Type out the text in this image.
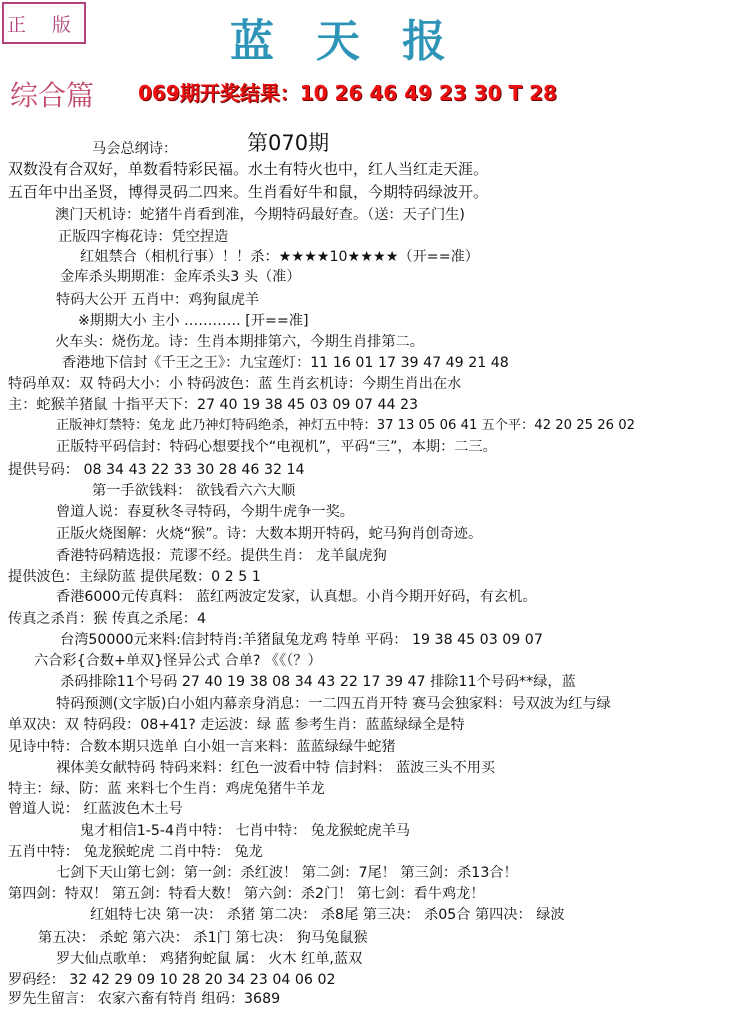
正 版	蓝天报
综合篇 069期开奖结果：10 26 46 49 23 30 T 28
第070期
马会总纲诗：
双数没有合双好，单数看特彩民福。水土有特火也中，红人当红走天涯。
五百年中出圣贤，博得灵码二四来。生肖看好牛和鼠，今期特码绿波开。
澳门天机诗：蛇猪牛肖看到准，今期特码最好查。（送：天子门生)
正版四字梅花诗：凭空捏造
红姐禁合（相机行事）！！杀：★★★★10★★★★（开==准）
金库杀头期期准：金库杀头3 头（准）
特码大公开 五肖中：鸡狗鼠虎羊
※期期大小 主小 ………… [开==准]
火车头：烧伤龙。诗：生肖本期排第六，今期生肖排第二。
香港地下信封《千王之王》：九宝莲灯：11 16 01 17 39 47 49 21 48
特码单双：双 特码大小：小 特码波色：蓝 生肖玄机诗：今期生肖出在水
主：蛇猴羊猪鼠 十指平天下：27 40 19 38 45 03 09 07 44 23
正版神灯禁特：兔龙 此乃神灯特码绝杀，神灯五中特：37 13 05 06 41 五个平：42 20 25 26 02
正版特平码信封：特码心想要找个“电视机”，平码“三”，本期：二三。
提供号码： 08 34 43 22 33 30 28 46 32 14
第一手欲钱料： 欲钱看六六大顺
曾道人说：春夏秋冬寻特码，今期牛虎争一奖。
正版火烧图解：火烧“猴”。诗：大数本期开特码，蛇马狗肖创奇迹。
香港特码精选报：荒谬不经。提供生肖： 龙羊鼠虎狗
提供波色：主绿防蓝 提供尾数：0 2 5 1
香港6000元传真料： 蓝红两波定发家，认真想。小肖今期开好码，有玄机。
传真之杀肖：猴 传真之杀尾：4
台湾50000元来料:信封特肖:羊猪鼠兔龙鸡 特单 平码： 19 38 45 03 09 07
六合彩{合数+单双}怪异公式 合单? 《《（？）
杀码排除11个号码 27 40 19 38 08 34 43 22 17 39 47 排除11个号码**绿，蓝
特码预测(文字版)白小姐内幕亲身消息：一二四五肖开特 赛马会独家料：号双波为红与绿
单双决：双 特码段：08+41? 走运波：绿 蓝 参考生肖：蓝蓝绿绿全是特
见诗中特：合数本期只选单 白小姐一言来料：蓝蓝绿绿牛蛇猪
裸体美女献特码 特码来料：红色一波看中特 信封料： 蓝波三头不用买
特主：绿、防：蓝 来料七个生肖：鸡虎兔猪牛羊龙
曾道人说： 红蓝波色木土号
鬼才相信1-5-4肖中特： 七肖中特： 兔龙猴蛇虎羊马
五肖中特： 兔龙猴蛇虎 二肖中特： 兔龙
七剑下天山第七剑：第一剑：杀红波！ 第二剑：7尾！ 第三剑：杀13合！
第四剑：特双！ 第五剑：特看大数！ 第六剑：杀2门！ 第七剑：看牛鸡龙！
红姐特七决 第一决： 杀猪 第二决： 杀8尾 第三决： 杀05合 第四决： 绿波
第五决： 杀蛇 第六决： 杀1门 第七决： 狗马兔鼠猴
罗大仙点歌单： 鸡猪狗蛇鼠 属： 火木 红单,蓝双
罗码经： 32 42 29 09 10 28 20 34 23 04 06 02
罗先生留言： 农家六畜有特肖 组码：3689
